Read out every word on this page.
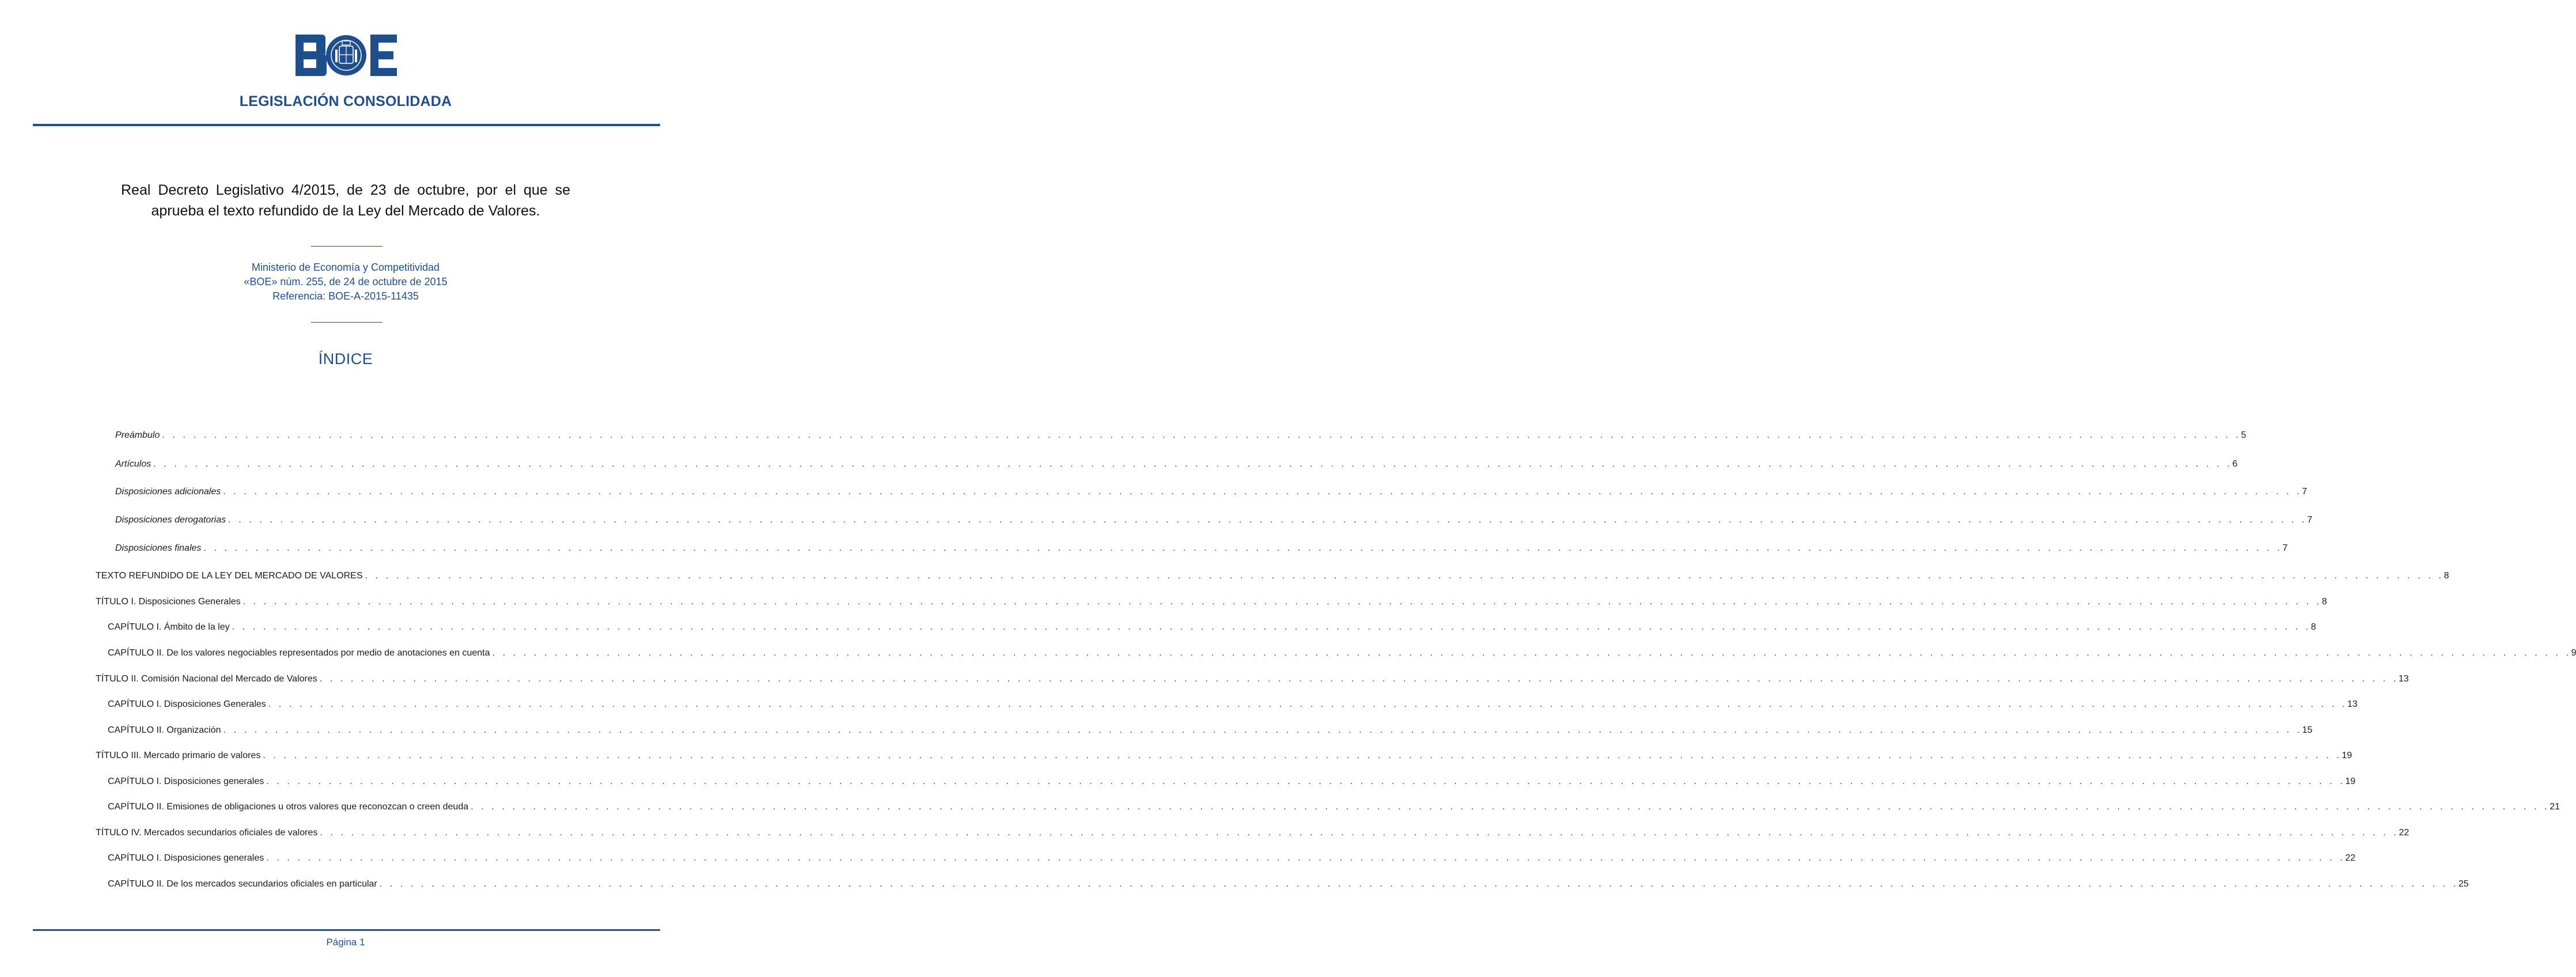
LEGISLACIÓN CONSOLIDADA
Real Decreto Legislativo 4/2015, de 23 de octubre, por el que se aprueba el texto refundido de la Ley del Mercado de Valores.
Ministerio de Economía y Competitividad
«BOE» núm. 255, de 24 de octubre de 2015
Referencia: BOE-A-2015-11435
ÍNDICE
Preámbulo . . . . . . . . . . . . . . . . . . . . . . . . . . . . . . . . . . . . . . . . . . . . . . . . . . . . . . . . . . . . . . . . . . . . . . . . . . . . . . . . . . . . . . . . . . . . . . . . . . . . . . . . . . . . . . . . . . . . . . . . . . . . . . . . . . . . . . . . . . . . . . . . . . . . . . . . . . . . . . . . . . . . . . . . . . . . . . . . . . . . . . . . . . . . . . . . . . . . . . . . 5
Artículos . . . . . . . . . . . . . . . . . . . . . . . . . . . . . . . . . . . . . . . . . . . . . . . . . . . . . . . . . . . . . . . . . . . . . . . . . . . . . . . . . . . . . . . . . . . . . . . . . . . . . . . . . . . . . . . . . . . . . . . . . . . . . . . . . . . . . . . . . . . . . . . . . . . . . . . . . . . . . . . . . . . . . . . . . . . . . . . . . . . . . . . . . . . . . . . . . . . . . . . . 6
Disposiciones adicionales . . . . . . . . . . . . . . . . . . . . . . . . . . . . . . . . . . . . . . . . . . . . . . . . . . . . . . . . . . . . . . . . . . . . . . . . . . . . . . . . . . . . . . . . . . . . . . . . . . . . . . . . . . . . . . . . . . . . . . . . . . . . . . . . . . . . . . . . . . . . . . . . . . . . . . . . . . . . . . . . . . . . . . . . . . . . . . . . . . . . . . . . . . . . . . . . . . . . . . . . 7
Disposiciones derogatorias . . . . . . . . . . . . . . . . . . . . . . . . . . . . . . . . . . . . . . . . . . . . . . . . . . . . . . . . . . . . . . . . . . . . . . . . . . . . . . . . . . . . . . . . . . . . . . . . . . . . . . . . . . . . . . . . . . . . . . . . . . . . . . . . . . . . . . . . . . . . . . . . . . . . . . . . . . . . . . . . . . . . . . . . . . . . . . . . . . . . . . . . . . . . . . . . . . . . . . . . 7
Disposiciones finales . . . . . . . . . . . . . . . . . . . . . . . . . . . . . . . . . . . . . . . . . . . . . . . . . . . . . . . . . . . . . . . . . . . . . . . . . . . . . . . . . . . . . . . . . . . . . . . . . . . . . . . . . . . . . . . . . . . . . . . . . . . . . . . . . . . . . . . . . . . . . . . . . . . . . . . . . . . . . . . . . . . . . . . . . . . . . . . . . . . . . . . . . . . . . . . . . . . . . . . . 7
TEXTO REFUNDIDO DE LA LEY DEL MERCADO DE VALORES . . . . . . . . . . . . . . . . . . . . . . . . . . . . . . . . . . . . . . . . . . . . . . . . . . . . . . . . . . . . . . . . . . . . . . . . . . . . . . . . . . . . . . . . . . . . . . . . . . . . . . . . . . . . . . . . . . . . . . . . . . . . . . . . . . . . . . . . . . . . . . . . . . . . . . . . . . . . . . . . . . . . . . . . . . . . . . . . . . . . . . . . . . . . . . . . . . . . . . . . 8
TÍTULO I. Disposiciones Generales . . . . . . . . . . . . . . . . . . . . . . . . . . . . . . . . . . . . . . . . . . . . . . . . . . . . . . . . . . . . . . . . . . . . . . . . . . . . . . . . . . . . . . . . . . . . . . . . . . . . . . . . . . . . . . . . . . . . . . . . . . . . . . . . . . . . . . . . . . . . . . . . . . . . . . . . . . . . . . . . . . . . . . . . . . . . . . . . . . . . . . . . . . . . . . . . . . . . . . . . 8
CAPÍTULO I. Ámbito de la ley . . . . . . . . . . . . . . . . . . . . . . . . . . . . . . . . . . . . . . . . . . . . . . . . . . . . . . . . . . . . . . . . . . . . . . . . . . . . . . . . . . . . . . . . . . . . . . . . . . . . . . . . . . . . . . . . . . . . . . . . . . . . . . . . . . . . . . . . . . . . . . . . . . . . . . . . . . . . . . . . . . . . . . . . . . . . . . . . . . . . . . . . . . . . . . . . . . . . . . . . 8
CAPÍTULO II. De los valores negociables representados por medio de anotaciones en cuenta . . . . . . . . . . . . . . . . . . . . . . . . . . . . . . . . . . . . . . . . . . . . . . . . . . . . . . . . . . . . . . . . . . . . . . . . . . . . . . . . . . . . . . . . . . . . . . . . . . . . . . . . . . . . . . . . . . . . . . . . . . . . . . . . . . . . . . . . . . . . . . . . . . . . . . . . . . . . . . . . . . . . . . . . . . . . . . . . . . . . . . . . . . . . . . . . . . . . . . . . 9
TÍTULO II. Comisión Nacional del Mercado de Valores . . . . . . . . . . . . . . . . . . . . . . . . . . . . . . . . . . . . . . . . . . . . . . . . . . . . . . . . . . . . . . . . . . . . . . . . . . . . . . . . . . . . . . . . . . . . . . . . . . . . . . . . . . . . . . . . . . . . . . . . . . . . . . . . . . . . . . . . . . . . . . . . . . . . . . . . . . . . . . . . . . . . . . . . . . . . . . . . . . . . . . . . . . . . . . . . . . . . . . . . 13
CAPÍTULO I. Disposiciones Generales . . . . . . . . . . . . . . . . . . . . . . . . . . . . . . . . . . . . . . . . . . . . . . . . . . . . . . . . . . . . . . . . . . . . . . . . . . . . . . . . . . . . . . . . . . . . . . . . . . . . . . . . . . . . . . . . . . . . . . . . . . . . . . . . . . . . . . . . . . . . . . . . . . . . . . . . . . . . . . . . . . . . . . . . . . . . . . . . . . . . . . . . . . . . . . . . . . . . . . . . 13
CAPÍTULO II. Organización . . . . . . . . . . . . . . . . . . . . . . . . . . . . . . . . . . . . . . . . . . . . . . . . . . . . . . . . . . . . . . . . . . . . . . . . . . . . . . . . . . . . . . . . . . . . . . . . . . . . . . . . . . . . . . . . . . . . . . . . . . . . . . . . . . . . . . . . . . . . . . . . . . . . . . . . . . . . . . . . . . . . . . . . . . . . . . . . . . . . . . . . . . . . . . . . . . . . . . . . 15
TÍTULO III. Mercado primario de valores . . . . . . . . . . . . . . . . . . . . . . . . . . . . . . . . . . . . . . . . . . . . . . . . . . . . . . . . . . . . . . . . . . . . . . . . . . . . . . . . . . . . . . . . . . . . . . . . . . . . . . . . . . . . . . . . . . . . . . . . . . . . . . . . . . . . . . . . . . . . . . . . . . . . . . . . . . . . . . . . . . . . . . . . . . . . . . . . . . . . . . . . . . . . . . . . . . . . . . . . 19
CAPÍTULO I. Disposiciones generales . . . . . . . . . . . . . . . . . . . . . . . . . . . . . . . . . . . . . . . . . . . . . . . . . . . . . . . . . . . . . . . . . . . . . . . . . . . . . . . . . . . . . . . . . . . . . . . . . . . . . . . . . . . . . . . . . . . . . . . . . . . . . . . . . . . . . . . . . . . . . . . . . . . . . . . . . . . . . . . . . . . . . . . . . . . . . . . . . . . . . . . . . . . . . . . . . . . . . . . . 19
CAPÍTULO II. Emisiones de obligaciones u otros valores que reconozcan o creen deuda . . . . . . . . . . . . . . . . . . . . . . . . . . . . . . . . . . . . . . . . . . . . . . . . . . . . . . . . . . . . . . . . . . . . . . . . . . . . . . . . . . . . . . . . . . . . . . . . . . . . . . . . . . . . . . . . . . . . . . . . . . . . . . . . . . . . . . . . . . . . . . . . . . . . . . . . . . . . . . . . . . . . . . . . . . . . . . . . . . . . . . . . . . . . . . . . . . . . . . . . 21
TÍTULO IV. Mercados secundarios oficiales de valores . . . . . . . . . . . . . . . . . . . . . . . . . . . . . . . . . . . . . . . . . . . . . . . . . . . . . . . . . . . . . . . . . . . . . . . . . . . . . . . . . . . . . . . . . . . . . . . . . . . . . . . . . . . . . . . . . . . . . . . . . . . . . . . . . . . . . . . . . . . . . . . . . . . . . . . . . . . . . . . . . . . . . . . . . . . . . . . . . . . . . . . . . . . . . . . . . . . . . . . . 22
CAPÍTULO I. Disposiciones generales . . . . . . . . . . . . . . . . . . . . . . . . . . . . . . . . . . . . . . . . . . . . . . . . . . . . . . . . . . . . . . . . . . . . . . . . . . . . . . . . . . . . . . . . . . . . . . . . . . . . . . . . . . . . . . . . . . . . . . . . . . . . . . . . . . . . . . . . . . . . . . . . . . . . . . . . . . . . . . . . . . . . . . . . . . . . . . . . . . . . . . . . . . . . . . . . . . . . . . . . 22
CAPÍTULO II. De los mercados secundarios oficiales en particular . . . . . . . . . . . . . . . . . . . . . . . . . . . . . . . . . . . . . . . . . . . . . . . . . . . . . . . . . . . . . . . . . . . . . . . . . . . . . . . . . . . . . . . . . . . . . . . . . . . . . . . . . . . . . . . . . . . . . . . . . . . . . . . . . . . . . . . . . . . . . . . . . . . . . . . . . . . . . . . . . . . . . . . . . . . . . . . . . . . . . . . . . . . . . . . . . . . . . . . . 25
Página 1
